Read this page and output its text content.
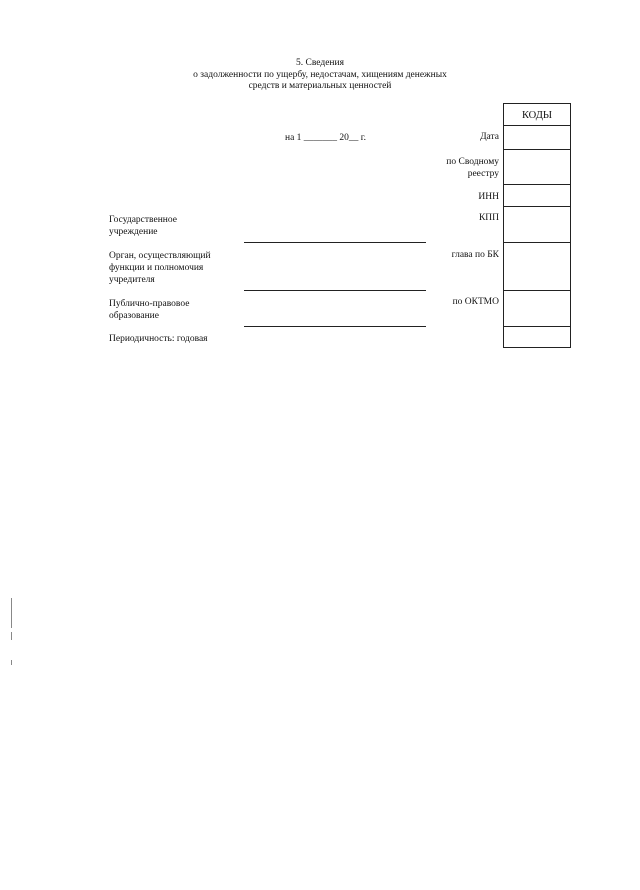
5. Сведения
о задолженности по ущербу, недостачам, хищениям денежных
средств и материальных ценностей
на 1 _______ 20__ г.
КОДЫ
Дата
по Сводному
реестру
ИНН
КПП
глава по БК
по ОКТМО
Государственное
учреждение
Орган, осуществляющий
функции и полномочия
учредителя
Публично-правовое
образование
Периодичность: годовая
